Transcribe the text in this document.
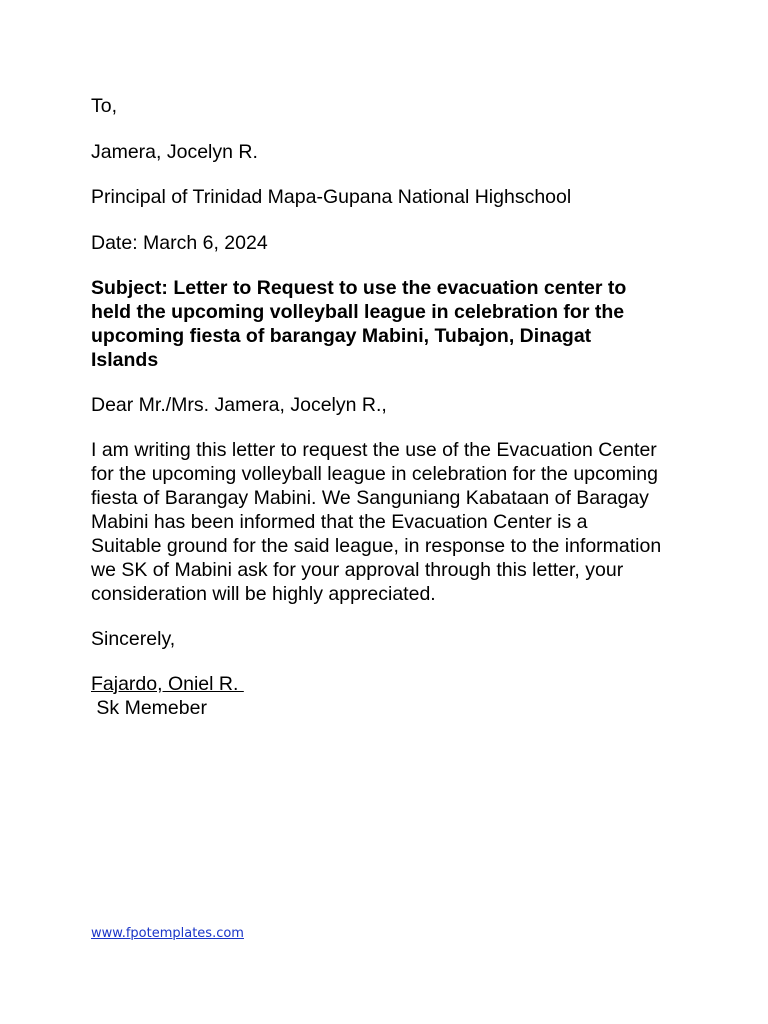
To,
Jamera, Jocelyn R.
Principal of Trinidad Mapa-Gupana National Highschool
Date: March 6, 2024
Subject: Letter to Request to use the evacuation center to
held the upcoming volleyball league in celebration for the
upcoming fiesta of barangay Mabini, Tubajon, Dinagat
Islands
Dear Mr./Mrs. Jamera, Jocelyn R.,
I am writing this letter to request the use of the Evacuation Center
for the upcoming volleyball league in celebration for the upcoming
fiesta of Barangay Mabini. We Sanguniang Kabataan of Baragay
Mabini has been informed that the Evacuation Center is a
Suitable ground for the said league, in response to the information
we SK of Mabini ask for your approval through this letter, your
consideration will be highly appreciated.
Sincerely,
Fajardo, Oniel R.
Sk Memeber
www.fpotemplates.com
